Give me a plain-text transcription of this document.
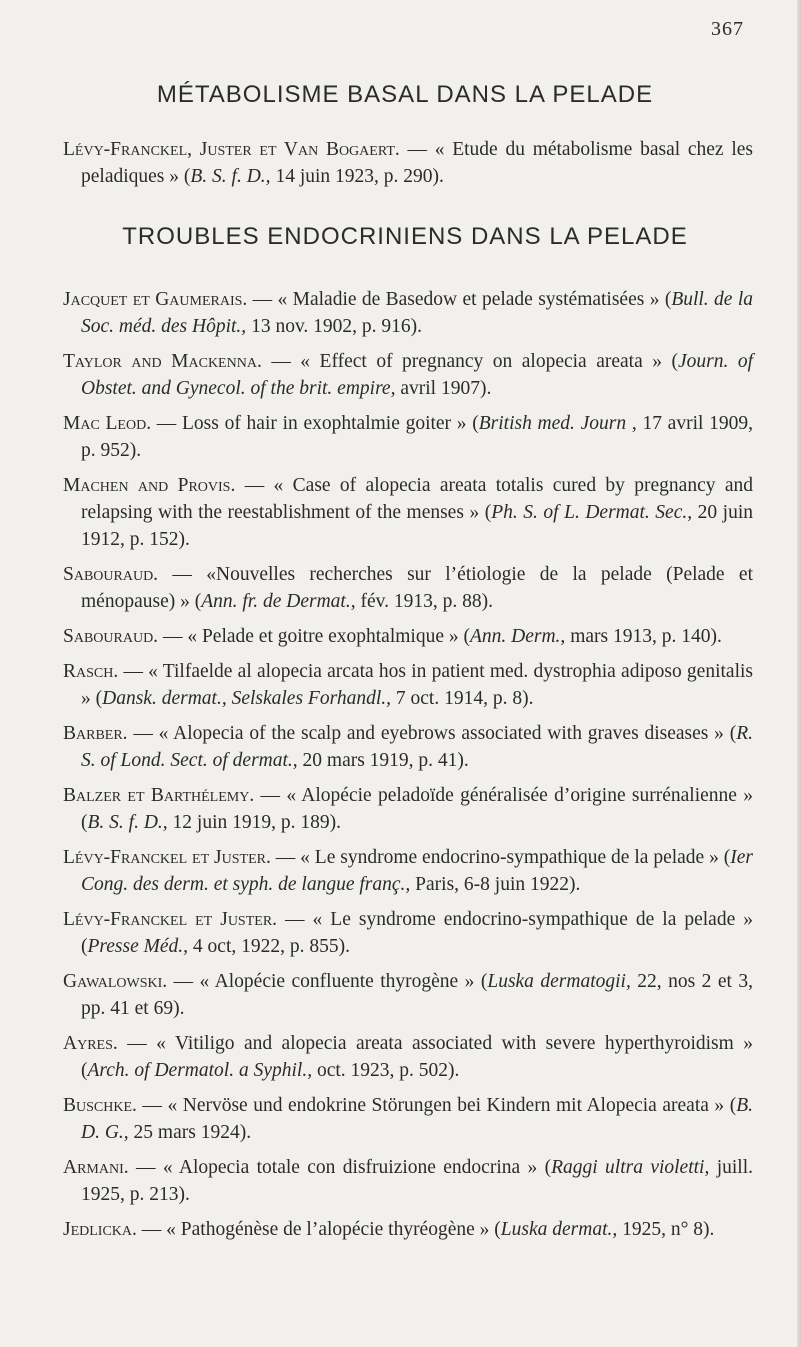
367
MÉTABOLISME BASAL DANS LA PELADE
Lévy-Franckel, Juster et Van Bogaert. — « Etude du métabolisme basal chez les peladiques » (B. S. f. D., 14 juin 1923, p. 290).
TROUBLES ENDOCRINIENS DANS LA PELADE
Jacquet et Gaumerais. — « Maladie de Basedow et pelade systématisées » (Bull. de la Soc. méd. des Hôpit., 13 nov. 1902, p. 916).
Taylor and Mackenna. — « Effect of pregnancy on alopecia areata » (Journ. of Obstet. and Gynecol. of the brit. empire, avril 1907).
Mac Leod. — Loss of hair in exophtalmie goiter » (British med. Journ , 17 avril 1909, p. 952).
Machen and Provis. — « Case of alopecia areata totalis cured by pregnancy and relapsing with the reestablishment of the menses » (Ph. S. of L. Dermat. Sec., 20 juin 1912, p. 152).
Sabouraud. — «Nouvelles recherches sur l’étiologie de la pelade (Pelade et ménopause) » (Ann. fr. de Dermat., fév. 1913, p. 88).
Sabouraud. — « Pelade et goitre exophtalmique » (Ann. Derm., mars 1913, p. 140).
Rasch. — « Tilfaelde al alopecia arcata hos in patient med. dystrophia adiposo genitalis » (Dansk. dermat., Selskales Forhandl., 7 oct. 1914, p. 8).
Barber. — « Alopecia of the scalp and eyebrows associated with graves diseases » (R. S. of Lond. Sect. of dermat., 20 mars 1919, p. 41).
Balzer et Barthélemy. — « Alopécie peladoïde généralisée d’origine surrénalienne » (B. S. f. D., 12 juin 1919, p. 189).
Lévy-Franckel et Juster. — « Le syndrome endocrino-sympathique de la pelade » (Ier Cong. des derm. et syph. de langue franç., Paris, 6-8 juin 1922).
Lévy-Franckel et Juster. — « Le syndrome endocrino-sympathique de la pelade » (Presse Méd., 4 oct, 1922, p. 855).
Gawalowski. — « Alopécie confluente thyrogène » (Luska dermatogii, 22, nos 2 et 3, pp. 41 et 69).
Ayres. — « Vitiligo and alopecia areata associated with severe hyperthyroidism » (Arch. of Dermatol. a Syphil., oct. 1923, p. 502).
Buschke. — « Nervöse und endokrine Störungen bei Kindern mit Alopecia areata » (B. D. G., 25 mars 1924).
Armani. — « Alopecia totale con disfruizione endocrina » (Raggi ultra violetti, juill. 1925, p. 213).
Jedlicka. — « Pathogénèse de l’alopécie thyréogène » (Luska dermat., 1925, n° 8).
